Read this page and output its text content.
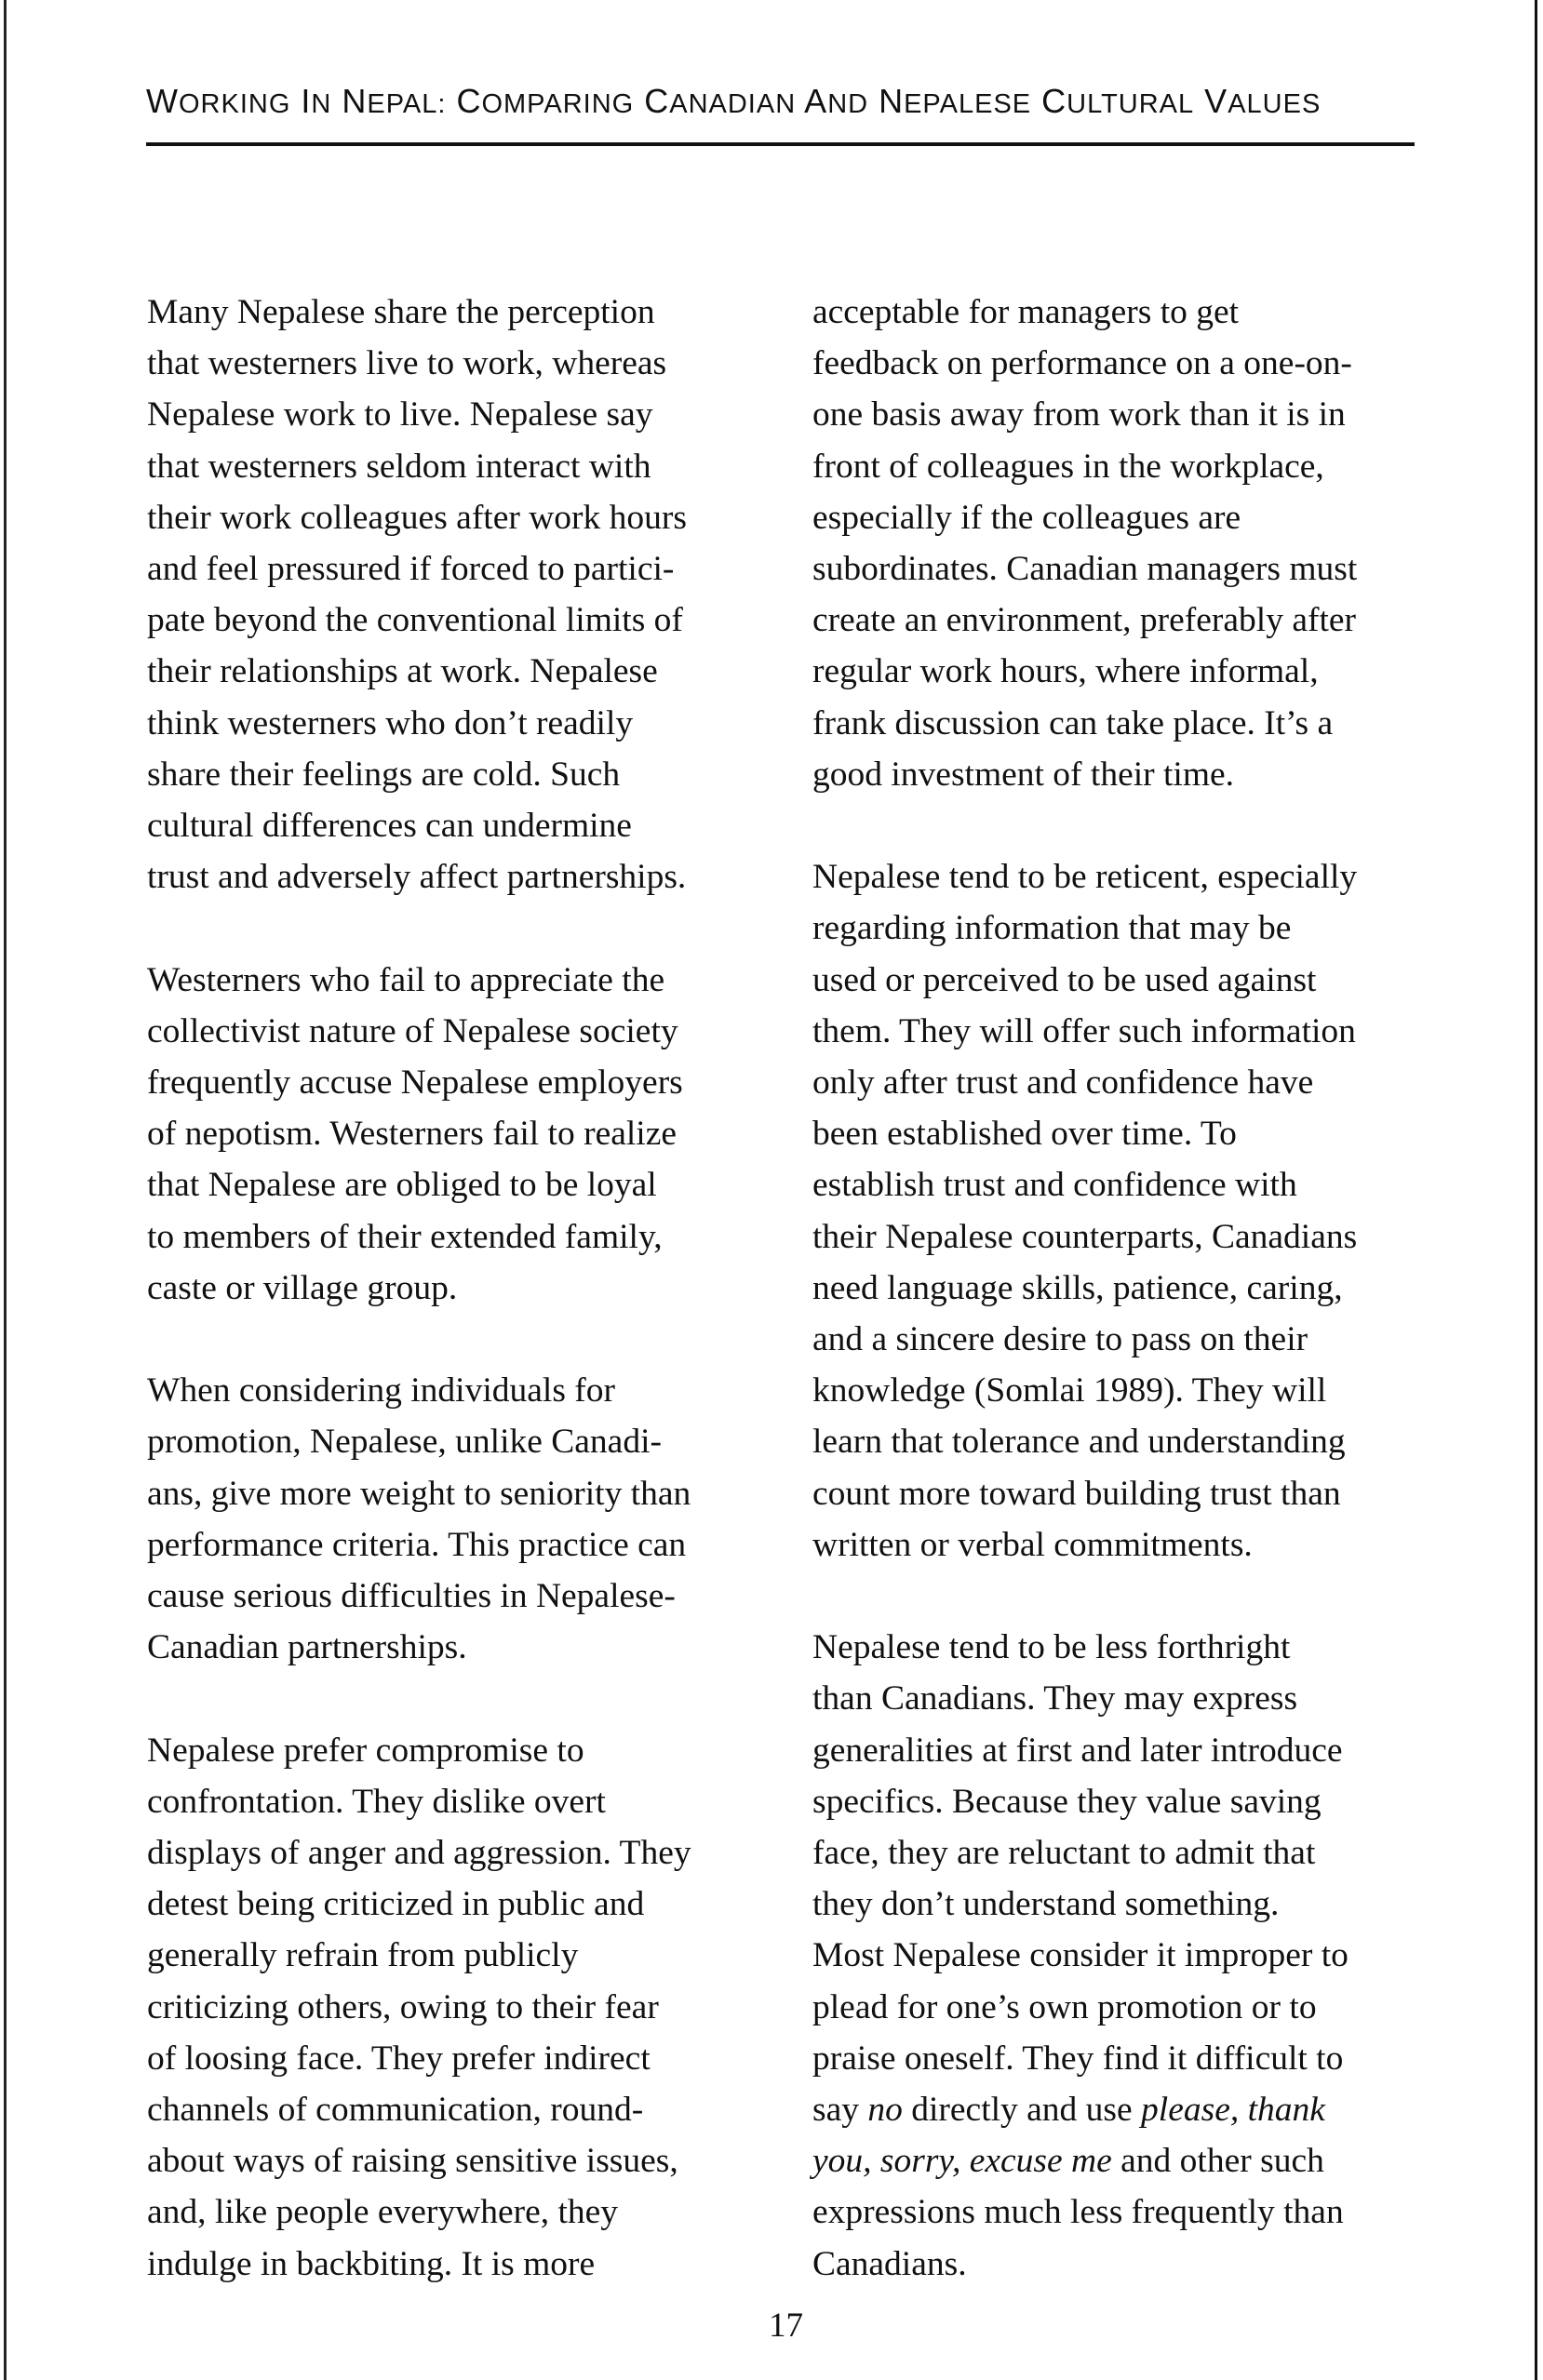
WORKING IN NEPAL: COMPARING CANADIAN AND NEPALESE CULTURAL VALUES

Many Nepalese share the perception
that westerners live to work, whereas
Nepalese work to live. Nepalese say
that westerners seldom interact with
their work colleagues after work hours
and feel pressured if forced to partici-
pate beyond the conventional limits of
their relationships at work. Nepalese
think westerners who don’t readily
share their feelings are cold. Such
cultural differences can undermine
trust and adversely affect partnerships.

Westerners who fail to appreciate the
collectivist nature of Nepalese society
frequently accuse Nepalese employers
of nepotism. Westerners fail to realize
that Nepalese are obliged to be loyal
to members of their extended family,
caste or village group.

When considering individuals for
promotion, Nepalese, unlike Canadi-
ans, give more weight to seniority than
performance criteria. This practice can
cause serious difficulties in Nepalese-
Canadian partnerships.

Nepalese prefer compromise to
confrontation. They dislike overt
displays of anger and aggression. They
detest being criticized in public and
generally refrain from publicly
criticizing others, owing to their fear
of loosing face. They prefer indirect
channels of communication, round-
about ways of raising sensitive issues,
and, like people everywhere, they
indulge in backbiting. It is more

acceptable for managers to get
feedback on performance on a one-on-
one basis away from work than it is in
front of colleagues in the workplace,
especially if the colleagues are
subordinates. Canadian managers must
create an environment, preferably after
regular work hours, where informal,
frank discussion can take place. It’s a
good investment of their time.

Nepalese tend to be reticent, especially
regarding information that may be
used or perceived to be used against
them. They will offer such information
only after trust and confidence have
been established over time. To
establish trust and confidence with
their Nepalese counterparts, Canadians
need language skills, patience, caring,
and a sincere desire to pass on their
knowledge (Somlai 1989). They will
learn that tolerance and understanding
count more toward building trust than
written or verbal commitments.

Nepalese tend to be less forthright
than Canadians. They may express
generalities at first and later introduce
specifics. Because they value saving
face, they are reluctant to admit that
they don’t understand something.
Most Nepalese consider it improper to
plead for one’s own promotion or to
praise oneself. They find it difficult to

say no directly and use please, thank
you, sorry, excuse me and other such
expressions much less frequently than
Canadians.

17
